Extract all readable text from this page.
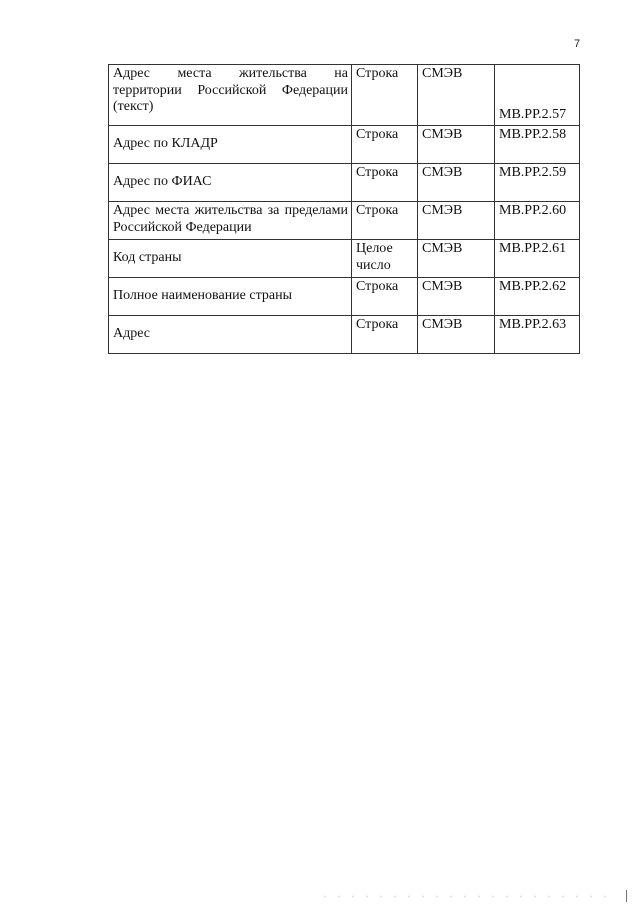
7
Адрес места жительства на территории Российской Федерации (текст)	Строка	СМЭВ	МВ.РР.2.57
Адрес по КЛАДР	Строка	СМЭВ	МВ.РР.2.58
Адрес по ФИАС	Строка	СМЭВ	МВ.РР.2.59
Адрес места жительства за пределами Российской Федерации	Строка	СМЭВ	МВ.РР.2.60
Код страны	Целое число	СМЭВ	МВ.РР.2.61
Полное наименование страны	Строка	СМЭВ	МВ.РР.2.62
Адрес	Строка	СМЭВ	МВ.РР.2.63
